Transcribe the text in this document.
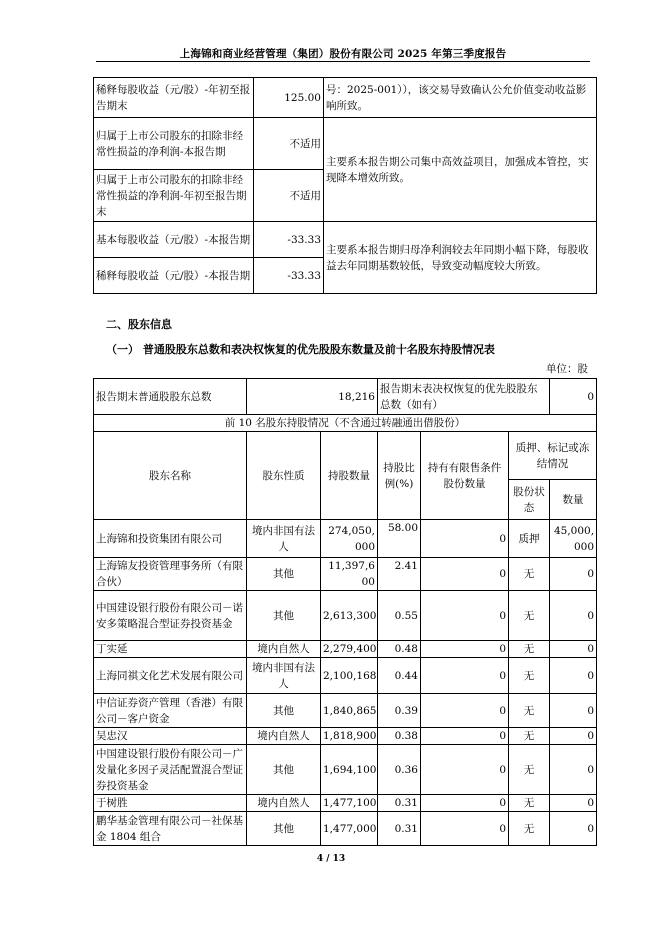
上海锦和商业经营管理（集团）股份有限公司 2025 年第三季度报告
稀释每股收益（元/股）-年初至报告期末	125.00	号：2025-001）），该交易导致确认公允价值变动收益影响所致。
归属于上市公司股东的扣除非经常性损益的净利润-本报告期	不适用	主要系本报告期公司集中高效益项目，加强成本管控，实现降本增效所致。
归属于上市公司股东的扣除非经常性损益的净利润-年初至报告期末	不适用	
基本每股收益（元/股）-本报告期	-33.33	主要系本报告期归母净利润较去年同期小幅下降，每股收益去年同期基数较低，导致变动幅度较大所致。
稀释每股收益（元/股）-本报告期	-33.33	
二、股东信息
（一） 普通股股东总数和表决权恢复的优先股股东数量及前十名股东持股情况表
单位：股
报告期末普通股股东总数	18,216		报告期末表决权恢复的优先股股东总数（如有）			0
前 10 名股东持股情况（不含通过转融通出借股份）						
股东名称	股东性质	持股数量	持股比例(%)	持有有限售条件股份数量	质押、标记或冻结情况	
					股份状态	数量
上海锦和投资集团有限公司	境内非国有法人	274,050,000	58.00	0	质押	45,000,000
上海锦友投资管理事务所（有限合伙）	其他	11,397,600	2.41	0	无	0
中国建设银行股份有限公司－诺安多策略混合型证券投资基金	其他	2,613,300	0.55	0	无	0
丁实延	境内自然人	2,279,400	0.48	0	无	0
上海同祺文化艺术发展有限公司	境内非国有法人	2,100,168	0.44	0	无	0
中信证券资产管理（香港）有限公司－客户资金	其他	1,840,865	0.39	0	无	0
吴忠汉	境内自然人	1,818,900	0.38	0	无	0
中国建设银行股份有限公司－广发量化多因子灵活配置混合型证券投资基金	其他	1,694,100	0.36	0	无	0
于树胜	境内自然人	1,477,100	0.31	0	无	0
鹏华基金管理有限公司－社保基金 1804 组合	其他	1,477,000	0.31	0	无	0
4 / 13
